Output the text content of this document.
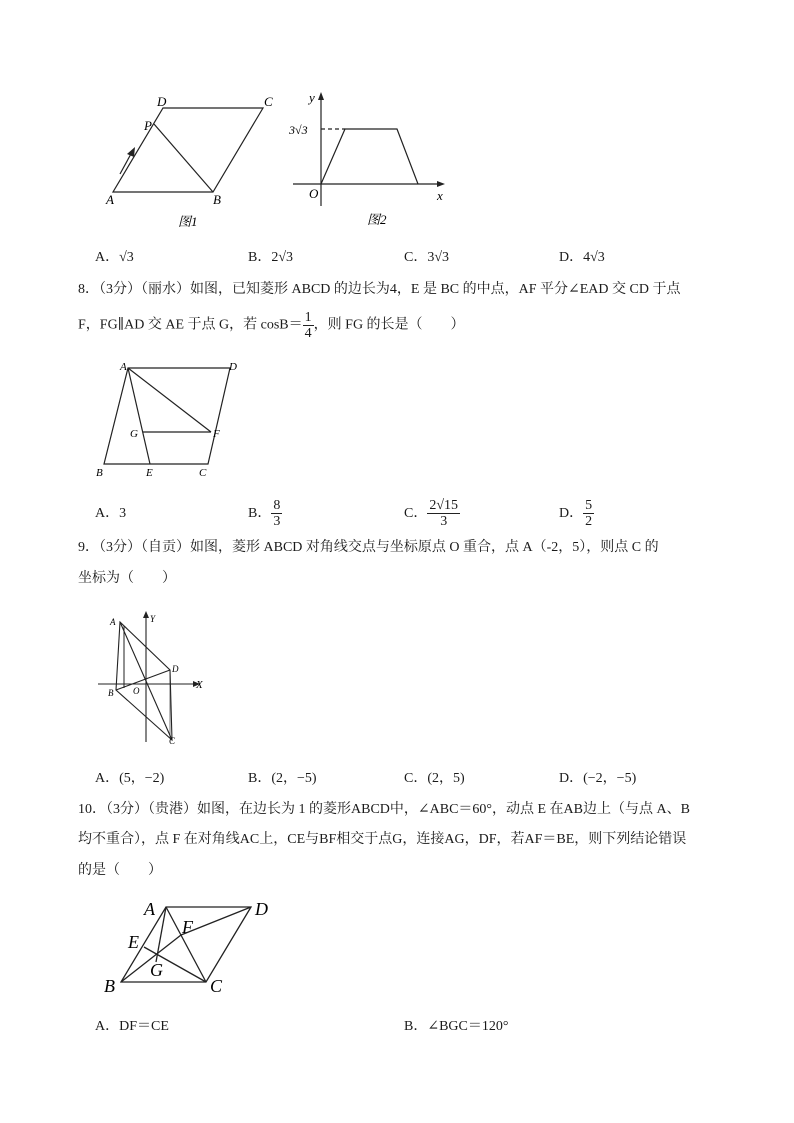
D	C
P
A	B
图1
y
x
O
3√3
图2
A．√3	B．2√3	C．3√3	D．4√3
8．（3分）（丽水）如图，已知菱形 ABCD 的边长为4，E 是 BC 的中点，AF 平分∠EAD 交 CD 于点
F，FG∥AD 交 AE 于点 G，若 $\cos B= \frac{1}{4}$ ，则 FG 的长是（　　）
A	D
G	F
B	E	C
A．3	B． $\frac{8}{3}$	C． $\frac{2√15}{3}$	D． $\frac{5}{2}$
9．（3分）（自贡）如图，菱形 ABCD 对角线交点与坐标原点 O 重合，点 A（-2，5），则点 C 的
坐标为（　　）
A	Y
D
X
B O
C
A．(5，−2)	B．(2，−5)	C．(2，5)	D．(−2，−5)
10．（3分）（贵港）如图，在边长为 1 的菱形ABCD中，∠ABC＝60°，动点 E 在AB边上（与点 A、B
均不重合），点 F 在对角线AC上，CE与BF相交于点G，连接AG，DF，若AF＝BE，则下列结论错误
的是（　　）
A	D
E
F
G
B	C
A．DF＝CE	B．∠BGC＝120°
